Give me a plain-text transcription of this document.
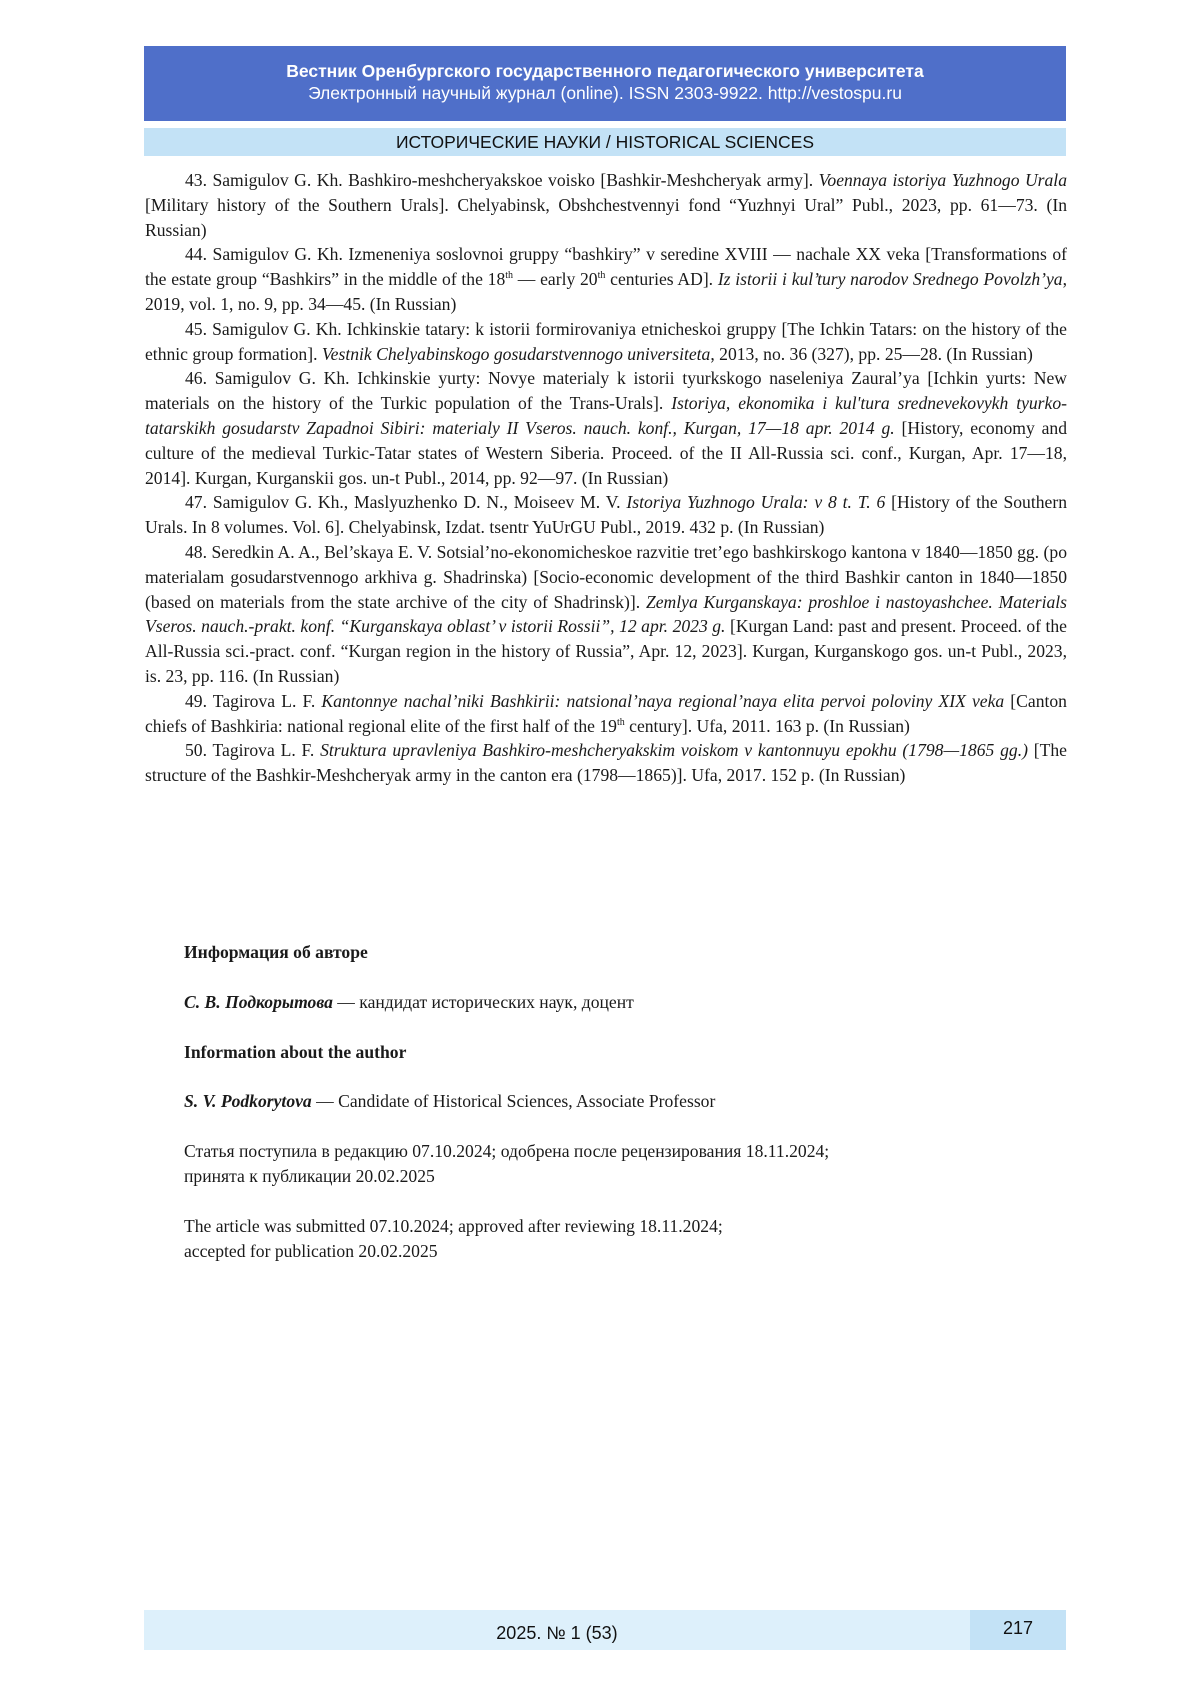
Вестник Оренбургского государственного педагогического университета
Электронный научный журнал (online). ISSN 2303-9922. http://vestospu.ru
ИСТОРИЧЕСКИЕ НАУКИ / HISTORICAL SCIENCES

43. Samigulov G. Kh. Bashkiro-meshcheryakskoe voisko [Bashkir-Meshcheryak army]. Voennaya istoriya Yuzhnogo Urala [Military history of the Southern Urals]. Chelyabinsk, Obshchestvennyi fond “Yuzhnyi Ural” Publ., 2023, pp. 61—73. (In Russian)

44. Samigulov G. Kh. Izmeneniya soslovnoi gruppy “bashkiry” v seredine XVIII — nachale XX veka [Transformations of the estate group “Bashkirs” in the middle of the 18th — early 20th centuries AD]. Iz istorii i kul’tury narodov Srednego Povolzh’ya, 2019, vol. 1, no. 9, pp. 34—45. (In Russian)

45. Samigulov G. Kh. Ichkinskie tatary: k istorii formirovaniya etnicheskoi gruppy [The Ichkin Tatars: on the history of the ethnic group formation]. Vestnik Chelyabinskogo gosudarstvennogo universiteta, 2013, no. 36 (327), pp. 25—28. (In Russian)

46. Samigulov G. Kh. Ichkinskie yurty: Novye materialy k istorii tyurkskogo naseleniya Zaural’ya [Ichkin yurts: New materials on the history of the Turkic population of the Trans-Urals]. Istoriya, ekonomika i kul'tura srednevekovykh tyurko-tatarskikh gosudarstv Zapadnoi Sibiri: materialy II Vseros. nauch. konf., Kurgan, 17—18 apr. 2014 g. [History, economy and culture of the medieval Turkic-Tatar states of Western Siberia. Proceed. of the II All-Russia sci. conf., Kurgan, Apr. 17—18, 2014]. Kurgan, Kurganskii gos. un-t Publ., 2014, pp. 92—97. (In Russian)

47. Samigulov G. Kh., Maslyuzhenko D. N., Moiseev M. V. Istoriya Yuzhnogo Urala: v 8 t. T. 6 [History of the Southern Urals. In 8 volumes. Vol. 6]. Chelyabinsk, Izdat. tsentr YuUrGU Publ., 2019. 432 p. (In Russian)

48. Seredkin A. A., Bel’skaya E. V. Sotsial’no-ekonomicheskoe razvitie tret’ego bashkirskogo kantona v 1840—1850 gg. (po materialam gosudarstvennogo arkhiva g. Shadrinska) [Socio-economic development of the third Bashkir canton in 1840—1850 (based on materials from the state archive of the city of Shadrinsk)]. Zemlya Kurganskaya: proshloe i nastoyashchee. Materials Vseros. nauch.-prakt. konf. “Kurganskaya oblast’ v istorii Rossii”, 12 apr. 2023 g. [Kurgan Land: past and present. Proceed. of the All-Russia sci.-pract. conf. “Kurgan region in the history of Russia”, Apr. 12, 2023]. Kurgan, Kurganskogo gos. un-t Publ., 2023, is. 23, pp. 116. (In Russian)

49. Tagirova L. F. Kantonnye nachal’niki Bashkirii: natsional’naya regional’naya elita pervoi poloviny XIX veka [Canton chiefs of Bashkiria: national regional elite of the first half of the 19th century]. Ufa, 2011. 163 p. (In Russian)

50. Tagirova L. F. Struktura upravleniya Bashkiro-meshcheryakskim voiskom v kantonnuyu epokhu (1798—1865 gg.) [The structure of the Bashkir-Meshcheryak army in the canton era (1798—1865)]. Ufa, 2017. 152 p. (In Russian)

Информация об авторе

С. В. Подкорытова — кандидат исторических наук, доцент

Information about the author

S. V. Podkorytova — Candidate of Historical Sciences, Associate Professor

Статья поступила в редакцию 07.10.2024; одобрена после рецензирования 18.11.2024;

принята к публикации 20.02.2025

The article was submitted 07.10.2024; approved after reviewing 18.11.2024;

accepted for publication 20.02.2025

2025. № 1 (53)	217
